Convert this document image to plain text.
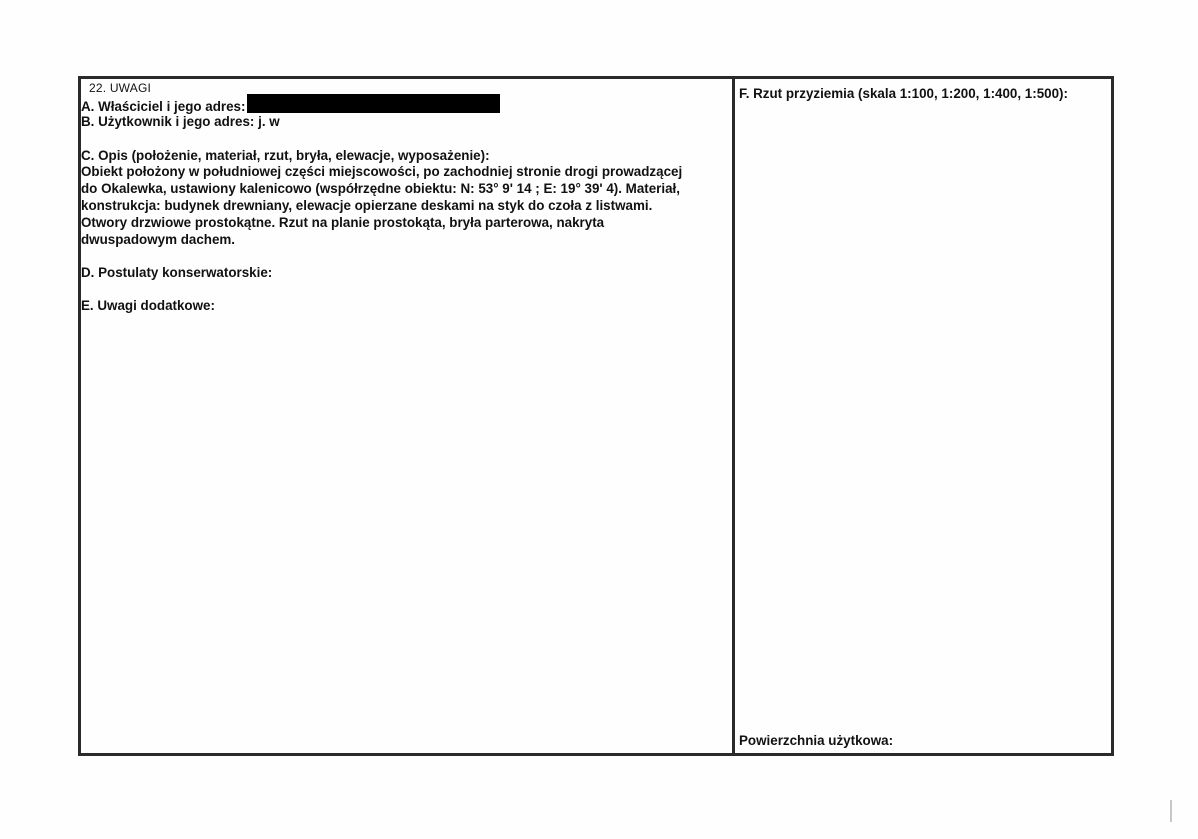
22. UWAGI
A. Właściciel i jego adres:
B. Użytkownik i jego adres: j. w
C. Opis (położenie, materiał, rzut, bryła, elewacje, wyposażenie):
Obiekt położony w południowej części miejscowości, po zachodniej stronie drogi prowadzącej
do Okalewka, ustawiony kalenicowo (współrzędne obiektu: N: 53° 9' 14 ; E: 19° 39' 4). Materiał,
konstrukcja: budynek drewniany, elewacje opierzane deskami na styk do czoła z listwami.
Otwory drzwiowe prostokątne. Rzut na planie prostokąta, bryła parterowa, nakryta
dwuspadowym dachem.
D. Postulaty konserwatorskie:
E. Uwagi dodatkowe:
F. Rzut przyziemia (skala 1:100, 1:200, 1:400, 1:500):
Powierzchnia użytkowa:
